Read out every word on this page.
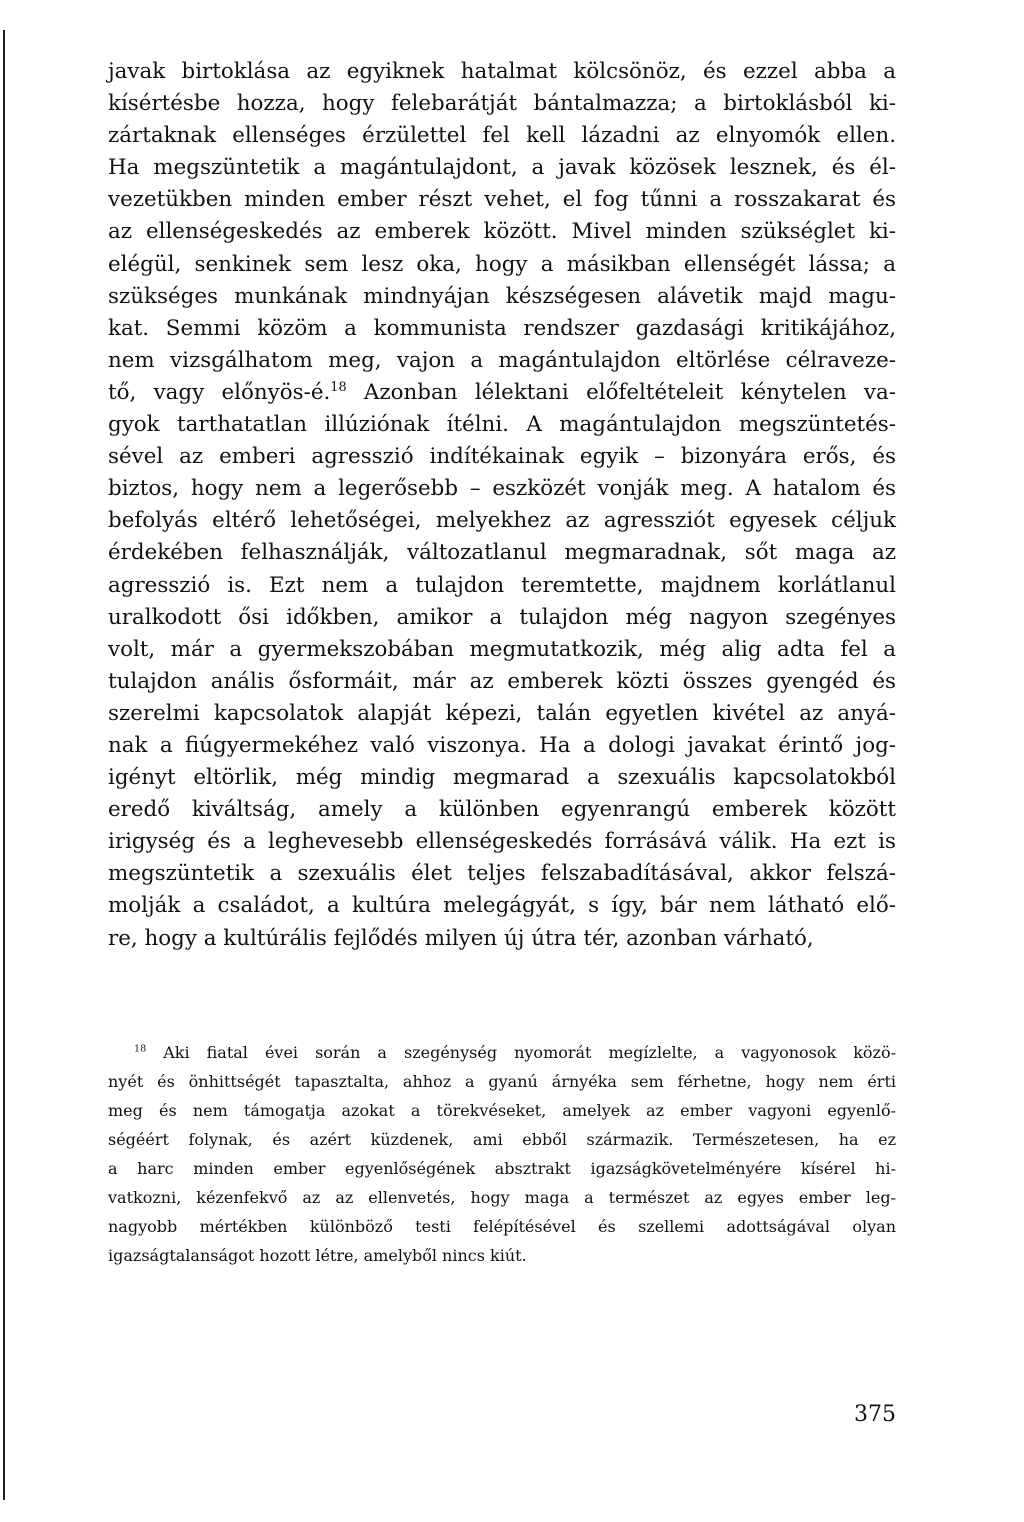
javak birtoklása az egyiknek hatalmat kölcsönöz, és ezzel abba a
kísértésbe hozza, hogy felebarátját bántalmazza; a birtoklásból ki-
zártaknak ellenséges érzülettel fel kell lázadni az elnyomók ellen.
Ha megszüntetik a magántulajdont, a javak közösek lesznek, és él-
vezetükben minden ember részt vehet, el fog tűnni a rosszakarat és
az ellenségeskedés az emberek között. Mivel minden szükséglet ki-
elégül, senkinek sem lesz oka, hogy a másikban ellenségét lássa; a
szükséges munkának mindnyájan készségesen alávetik majd magu-
kat. Semmi közöm a kommunista rendszer gazdasági kritikájához,
nem vizsgálhatom meg, vajon a magántulajdon eltörlése célraveze-
tő, vagy előnyös-é.$^{18}$ Azonban lélektani előfeltételeit kénytelen va-
gyok tarthatatlan illúziónak ítélni. A magántulajdon megszüntetés-
sével az emberi agresszió indítékainak egyik – bizonyára erős, és
biztos, hogy nem a legerősebb – eszközét vonják meg. A hatalom és
befolyás eltérő lehetőségei, melyekhez az agressziót egyesek céljuk
érdekében felhasználják, változatlanul megmaradnak, sőt maga az
agresszió is. Ezt nem a tulajdon teremtette, majdnem korlátlanul
uralkodott ősi időkben, amikor a tulajdon még nagyon szegényes
volt, már a gyermekszobában megmutatkozik, még alig adta fel a
tulajdon anális ősformáit, már az emberek közti összes gyengéd és
szerelmi kapcsolatok alapját képezi, talán egyetlen kivétel az anyá-
nak a fiúgyermekéhez való viszonya. Ha a dologi javakat érintő jog-
igényt eltörlik, még mindig megmarad a szexuális kapcsolatokból
eredő kiváltság, amely a különben egyenrangú emberek között
irigység és a leghevesebb ellenségeskedés forrásává válik. Ha ezt is
megszüntetik a szexuális élet teljes felszabadításával, akkor felszá-
molják a családot, a kultúra melegágyát, s így, bár nem látható elő-
re, hogy a kultúrális fejlődés milyen új útra tér, azonban várható,
$^{18}$ Aki fiatal évei során a szegénység nyomorát megízlelte, a vagyonosok közö-
nyét és önhittségét tapasztalta, ahhoz a gyanú árnyéka sem férhetne, hogy nem érti
meg és nem támogatja azokat a törekvéseket, amelyek az ember vagyoni egyenlő-
ségéért folynak, és azért küzdenek, ami ebből származik. Természetesen, ha ez
a harc minden ember egyenlőségének absztrakt igazságkövetelményére kísérel hi-
vatkozni, kézenfekvő az az ellenvetés, hogy maga a természet az egyes ember leg-
nagyobb mértékben különböző testi felépítésével és szellemi adottságával olyan
igazságtalanságot hozott létre, amelyből nincs kiút.
375
